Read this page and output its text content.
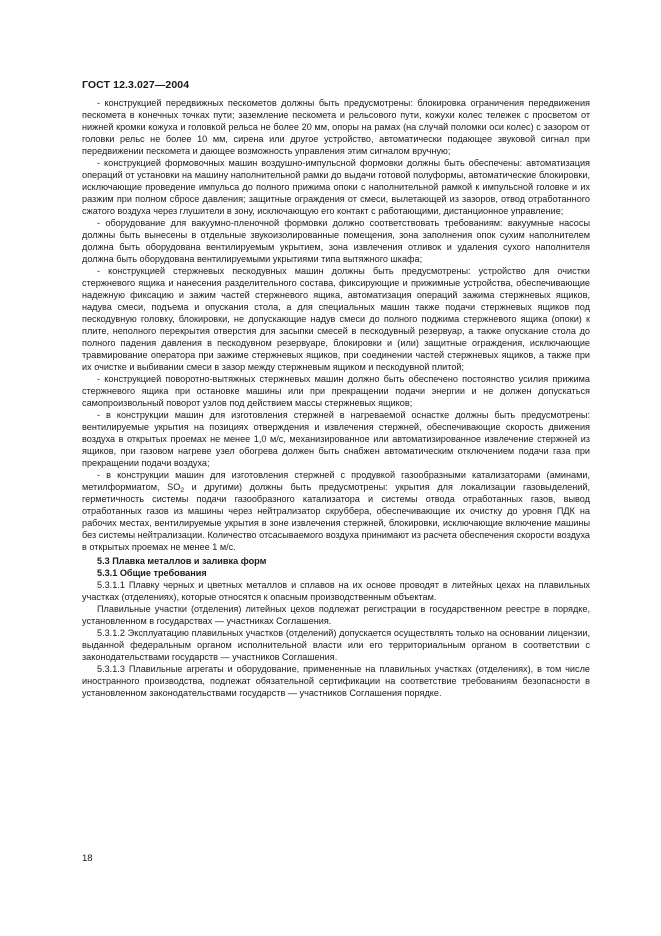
ГОСТ 12.3.027—2004

- конструкцией передвижных пескометов должны быть предусмотрены: блокировка ограничения передвижения пескомета в конечных точках пути; заземление пескомета и рельсового пути, кожухи колес тележек с просветом от нижней кромки кожуха и головкой рельса не более 20 мм, опоры на рамах (на случай поломки оси колес) с зазором от головки рельс не более 10 мм, сирена или другое устройство, автоматически подающее звуковой сигнал при передвижении пескомета и дающее возможность управления этим сигналом вручную;

- конструкцией формовочных машин воздушно-импульсной формовки должны быть обеспечены: автоматизация операций от установки на машину наполнительной рамки до выдачи готовой полуформы, автоматические блокировки, исключающие проведение импульса до полного прижима опоки с наполнительной рамкой к импульсной головке и их разжим при полном сбросе давления; защитные ограждения от смеси, вылетающей из зазоров, отвод отработанного сжатого воздуха через глушители в зону, исключающую его контакт с работающими, дистанционное управление;

- оборудование для вакуумно-пленочной формовки должно соответствовать требованиям: вакуумные насосы должны быть вынесены в отдельные звукоизолированные помещения, зона заполнения опок сухим наполнителем должна быть оборудована вентилируемым укрытием, зона извлечения отливок и удаления сухого наполнителя должна быть оборудована вентилируемыми укрытиями типа вытяжного шкафа;

- конструкцией стержневых пескодувных машин должны быть предусмотрены: устройство для очистки стержневого ящика и нанесения разделительного состава, фиксирующие и прижимные устройства, обеспечивающие надежную фиксацию и зажим частей стержневого ящика, автоматизация операций зажима стержневых ящиков, надува смеси, подъема и опускания стола, а для специальных машин также подачи стержневых ящиков под пескодувную головку, блокировки, не допускающие надув смеси до полного поджима стержневого ящика (опоки) к плите, неполного перекрытия отверстия для засыпки смесей в пескодувный резервуар, а также опускание стола до полного падения давления в пескодувном резервуаре, блокировки и (или) защитные ограждения, исключающие травмирование оператора при зажиме стержневых ящиков, при соединении частей стержневых ящиков, а также при их очистке и выбивании смеси в зазор между стержневым ящиком и пескодувной плитой;

- конструкцией поворотно-вытяжных стержневых машин должно быть обеспечено постоянство усилия прижима стержневого ящика при остановке машины или при прекращении подачи энергии и не должен допускаться самопроизвольный поворот узлов под действием массы стержневых ящиков;

- в конструкции машин для изготовления стержней в нагреваемой оснастке должны быть предусмотрены: вентилируемые укрытия на позициях отверждения и извлечения стержней, обеспечивающие скорость движения воздуха в открытых проемах не менее 1,0 м/с, механизированное или автоматизированное извлечение стержней из ящиков, при газовом нагреве узел обогрева должен быть снабжен автоматическим отключением подачи газа при прекращении подачи воздуха;

- в конструкции машин для изготовления стержней с продувкой газообразными катализаторами (аминами, метилформиатом, $SO_2$ и другими) должны быть предусмотрены: укрытия для локализации газовыделений, герметичность системы подачи газообразного катализатора и системы отвода отработанных газов, вывод отработанных газов из машины через нейтрализатор скруббера, обеспечивающие их очистку до уровня ПДК на рабочих местах, вентилируемые укрытия в зоне извлечения стержней, блокировки, исключающие включение машины без системы нейтрализации. Количество отсасываемого воздуха принимают из расчета обеспечения скорости воздуха в открытых проемах не менее 1 м/с.

5.3 Плавка металлов и заливка форм

5.3.1 Общие требования

5.3.1.1 Плавку черных и цветных металлов и сплавов на их основе проводят в литейных цехах на плавильных участках (отделениях), которые относятся к опасным производственным объектам.

Плавильные участки (отделения) литейных цехов подлежат регистрации в государственном реестре в порядке, установленном в государствах — участниках Соглашения.

5.3.1.2 Эксплуатацию плавильных участков (отделений) допускается осуществлять только на основании лицензии, выданной федеральным органом исполнительной власти или его территориальным органом в соответствии с законодательствами государств — участников Соглашения.

5.3.1.3 Плавильные агрегаты и оборудование, примененные на плавильных участках (отделениях), в том числе иностранного производства, подлежат обязательной сертификации на соответствие требованиям безопасности в установленном законодательствами государств — участников Соглашения порядке.

18
